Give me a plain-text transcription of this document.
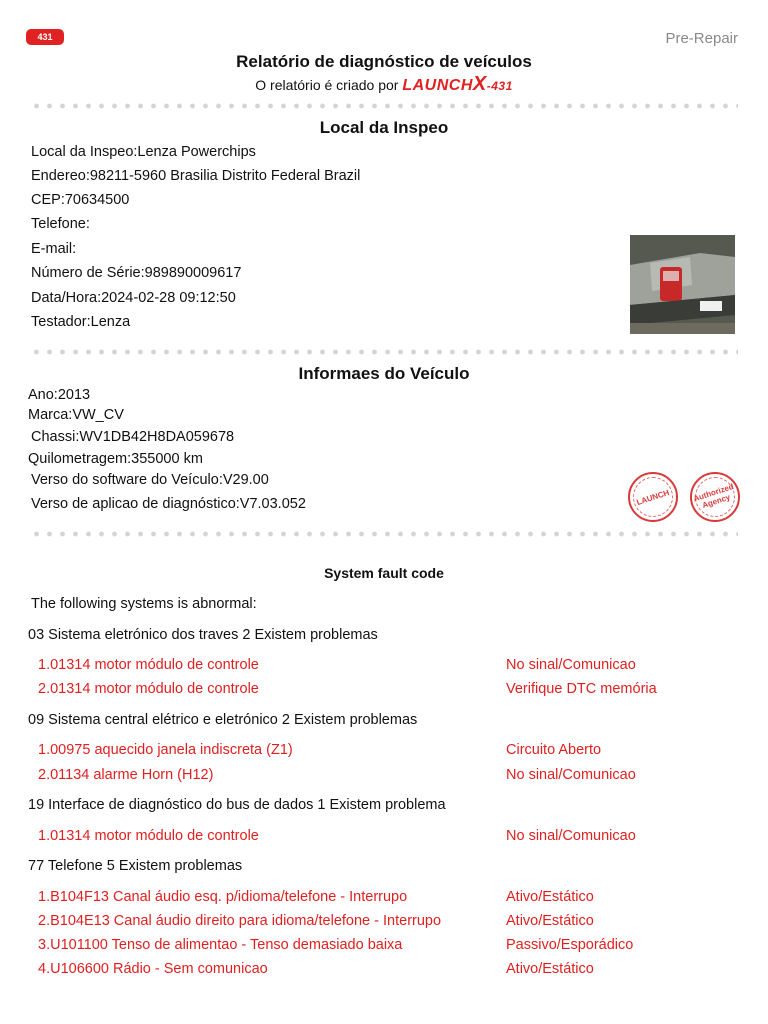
431	Pre-Repair
Relatório de diagnóstico de veículos
O relatório é criado por LAUNCHX-431
Local da Inspeo
Local da Inspeo:Lenza Powerchips
Endereo:98211-5960 Brasilia Distrito Federal Brazil
CEP:70634500
Telefone:
E-mail:
Número de Série:989890009617
Data/Hora:2024-02-28 09:12:50
Testador:Lenza
Informaes do Veículo
Ano:2013
Marca:VW_CV
Chassi:WV1DB42H8DA059678
Quilometragem:355000 km
Verso do software do Veículo:V29.00
Verso de aplicao de diagnóstico:V7.03.052	LAUNCH	Authorized Agency
System fault code
The following systems is abnormal:
03 Sistema eletrónico dos traves 2 Existem problemas
1.01314 motor módulo de controle	No sinal/Comunicao
2.01314 motor módulo de controle	Verifique DTC memória
09 Sistema central elétrico e eletrónico 2 Existem problemas
1.00975 aquecido janela indiscreta (Z1)	Circuito Aberto
2.01134 alarme Horn (H12)	No sinal/Comunicao
19 Interface de diagnóstico do bus de dados 1 Existem problema
1.01314 motor módulo de controle	No sinal/Comunicao
77 Telefone 5 Existem problemas
1.B104F13 Canal áudio esq. p/idioma/telefone - Interrupo	Ativo/Estático
2.B104E13 Canal áudio direito para idioma/telefone - Interrupo	Ativo/Estático
3.U101100 Tenso de alimentao - Tenso demasiado baixa	Passivo/Esporádico
4.U106600 Rádio - Sem comunicao	Ativo/Estático
